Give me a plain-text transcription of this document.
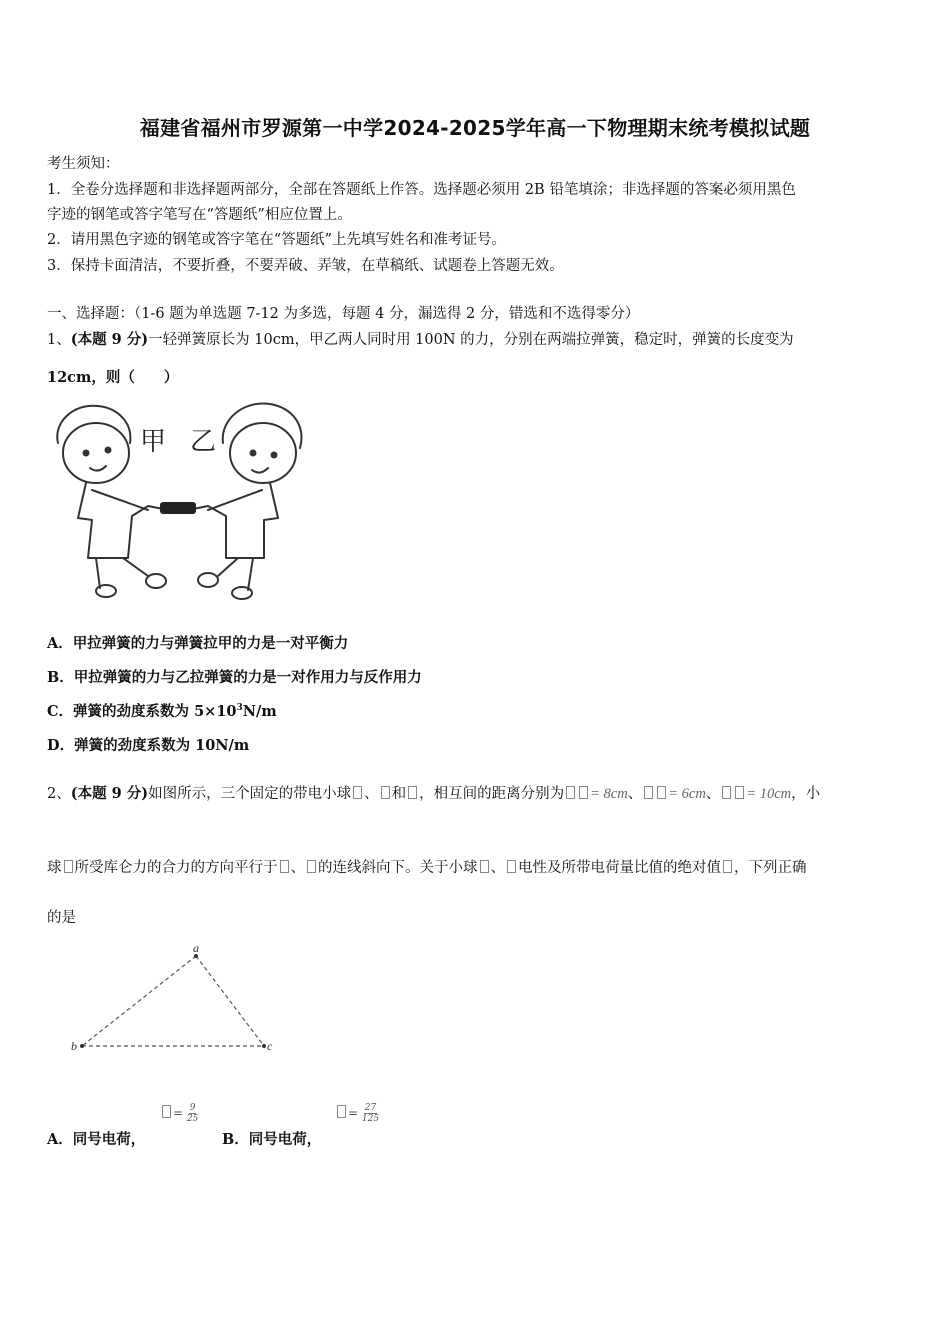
福建省福州市罗源第一中学2024-2025学年高一下物理期末统考模拟试题
考生须知：
1．全卷分选择题和非选择题两部分，全部在答题纸上作答。选择题必须用 2B 铅笔填涂；非选择题的答案必须用黑色
字迹的钢笔或答字笔写在“答题纸”相应位置上。
2．请用黑色字迹的钢笔或答字笔在“答题纸”上先填写姓名和准考证号。
3．保持卡面清洁，不要折叠，不要弄破、弄皱，在草稿纸、试题卷上答题无效。
一、选择题：（1-6 题为单选题 7-12 为多选，每题 4 分，漏选得 2 分，错选和不选得零分）
1、(本题 9 分)一轻弹簧原长为 10cm，甲乙两人同时用 100N 的力，分别在两端拉弹簧，稳定时，弹簧的长度变为
12cm，则（　　）
甲 乙
A．甲拉弹簧的力与弹簧拉甲的力是一对平衡力
B．甲拉弹簧的力与乙拉弹簧的力是一对作用力与反作用力
C．弹簧的劲度系数为 $5\times 10^3N/m$
D．弹簧的劲度系数为 10N/m
2、(本题 9 分)如图所示，三个固定的带电小球 、 和 ，相互间的距离分别为 = 8cm、 = 6cm、 = 10cm，小
球 所受库仑力的合力的方向平行于 、 的连线斜向下。关于小球 、 电性及所带电荷量比值的绝对值 ，下列正确
的是
a
b	c
A．同号电荷，
= $\frac{9}{25}$
B．同号电荷，
= $\frac{27}{125}$
